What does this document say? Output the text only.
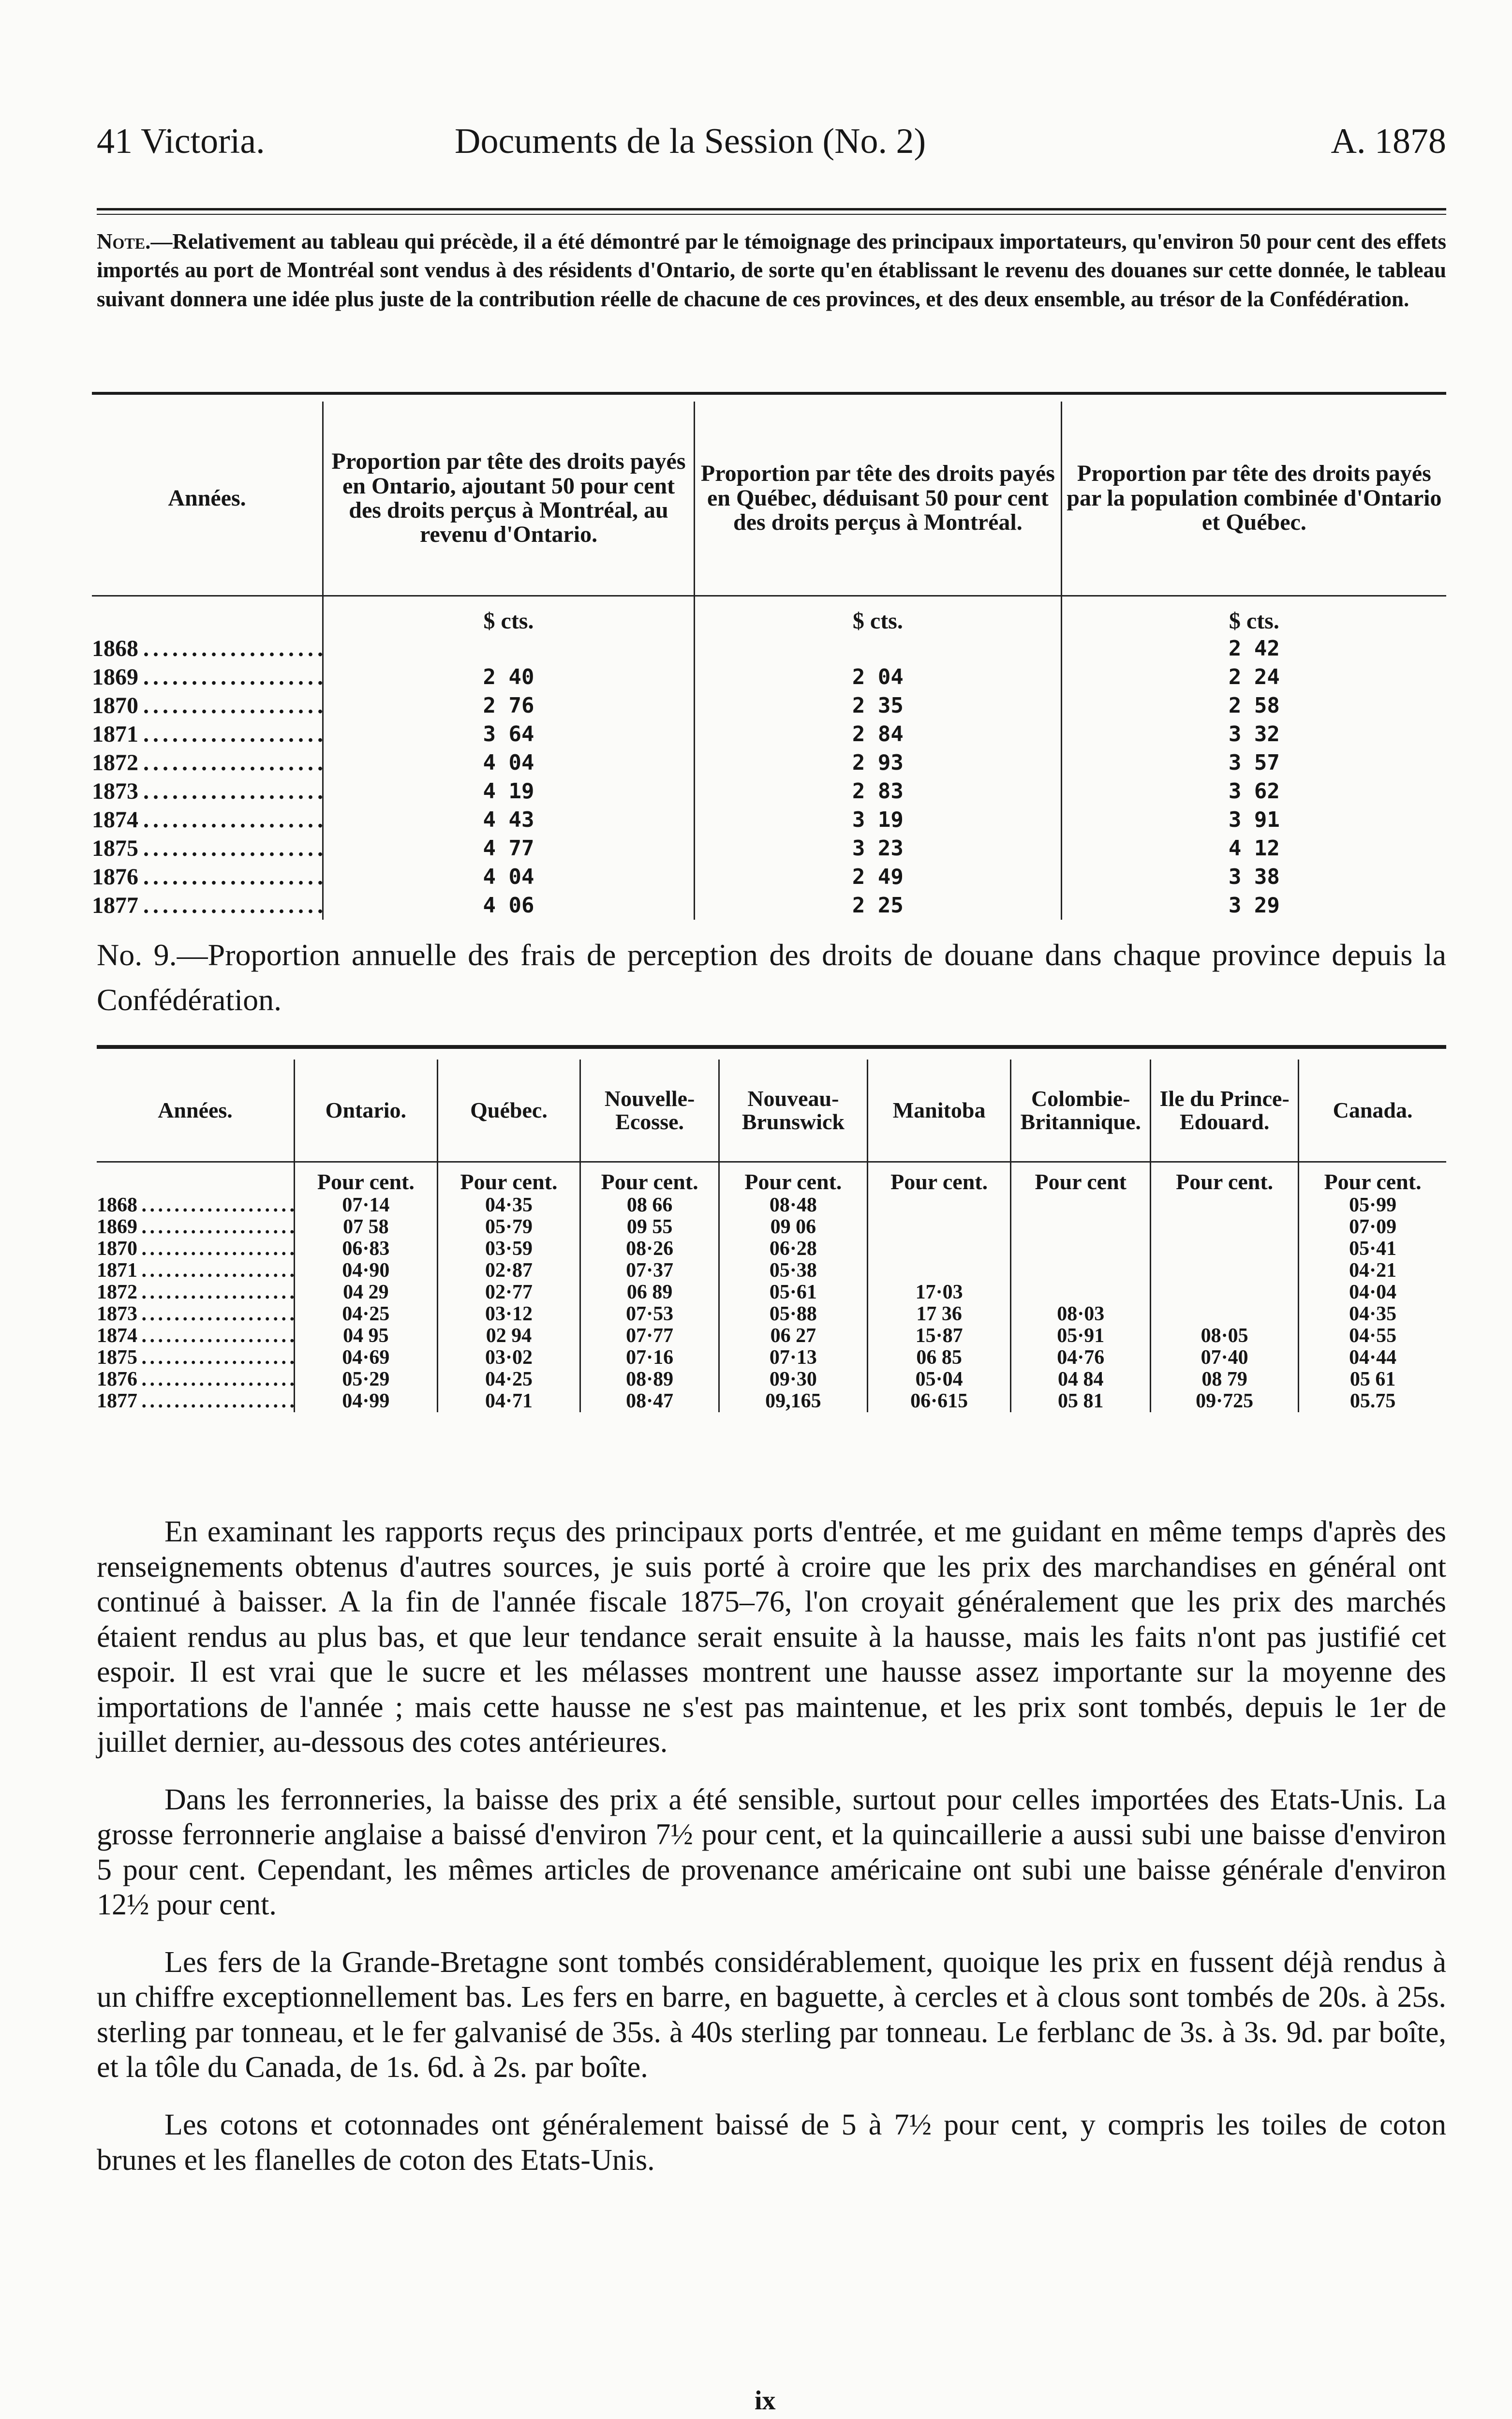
41 Victoria.	Documents de la Session (No. 2)	A. 1878
Note.—Relativement au tableau qui précède, il a été démontré par le témoignage des principaux importateurs, qu'environ 50 pour cent des effets importés au port de Montréal sont vendus à des résidents d'Ontario, de sorte qu'en établissant le revenu des douanes sur cette donnée, le tableau suivant donnera une idée plus juste de la contribution réelle de chacune de ces provinces, et des deux ensemble, au trésor de la Confédération.
Années.	Proportion par tête des droits payés en Ontario, ajoutant 50 pour cent des droits perçus à Montréal, au revenu d'Ontario.	Proportion par tête des droits payés en Québec, déduisant 50 pour cent des droits perçus à Montréal.	Proportion par tête des droits payés par la population combinée d'Ontario et Québec.
	$ cts.	$ cts.	$ cts.
1868 . . .			2 42
1869 . . .	2 40	2 04	2 24
1870 . . .	2 76	2 35	2 58
1871 . . .	3 64	2 84	3 32
1872 . . .	4 04	2 93	3 57
1873 . . .	4 19	2 83	3 62
1874 . . .	4 43	3 19	3 91
1875 . . .	4 77	3 23	4 12
1876 . . .	4 04	2 49	3 38
1877 . . .	4 06	2 25	3 29
No. 9.—Proportion annuelle des frais de perception des droits de douane dans chaque province depuis la Confédération.
Années.	Ontario.	Québec.	Nouvelle-Ecosse.	Nouveau-Brunswick	Manitoba	Colombie-Britannique.	Ile du Prince-Edouard.	Canada.
	Pour cent.	Pour cent.	Pour cent.	Pour cent.	Pour cent.	Pour cent	Pour cent.	Pour cent.
1868 . . .	07·14	04·35	08 66	08·48				05·99
1869 . . .	07 58	05·79	09 55	09 06				07·09
1870 . . .	06·83	03·59	08·26	06·28				05·41
1871 . . .	04·90	02·87	07·37	05·38				04·21
1872 . . .	04 29	02·77	06 89	05·61	17·03			04·04
1873 . . .	04·25	03·12	07·53	05·88	17 36	08·03		04·35
1874 . . .	04 95	02 94	07·77	06 27	15·87	05·91	08·05	04·55
1875 . . .	04·69	03·02	07·16	07·13	06 85	04·76	07·40	04·44
1876 . . .	05·29	04·25	08·89	09·30	05·04	04 84	08 79	05 61
1877 . . .	04·99	04·71	08·47	09,165	06·615	05 81	09·725	05.75

En examinant les rapports reçus des principaux ports d'entrée, et me guidant en même temps d'après des renseignements obtenus d'autres sources, je suis porté à croire que les prix des marchandises en général ont continué à baisser. A la fin de l'année fiscale 1875–76, l'on croyait généralement que les prix des marchés étaient rendus au plus bas, et que leur tendance serait ensuite à la hausse, mais les faits n'ont pas justifié cet espoir. Il est vrai que le sucre et les mélasses montrent une hausse assez importante sur la moyenne des importations de l'année ; mais cette hausse ne s'est pas maintenue, et les prix sont tombés, depuis le 1er de juillet dernier, au-dessous des cotes antérieures.

Dans les ferronneries, la baisse des prix a été sensible, surtout pour celles importées des Etats-Unis. La grosse ferronnerie anglaise a baissé d'environ 7½ pour cent, et la quincaillerie a aussi subi une baisse d'environ 5 pour cent. Cependant, les mêmes articles de provenance américaine ont subi une baisse générale d'environ 12½ pour cent.

Les fers de la Grande-Bretagne sont tombés considérablement, quoique les prix en fussent déjà rendus à un chiffre exceptionnellement bas. Les fers en barre, en baguette, à cercles et à clous sont tombés de 20s. à 25s. sterling par tonneau, et le fer galvanisé de 35s. à 40s sterling par tonneau. Le ferblanc de 3s. à 3s. 9d. par boîte, et la tôle du Canada, de 1s. 6d. à 2s. par boîte.

Les cotons et cotonnades ont généralement baissé de 5 à 7½ pour cent, y compris les toiles de coton brunes et les flanelles de coton des Etats-Unis.

ix
